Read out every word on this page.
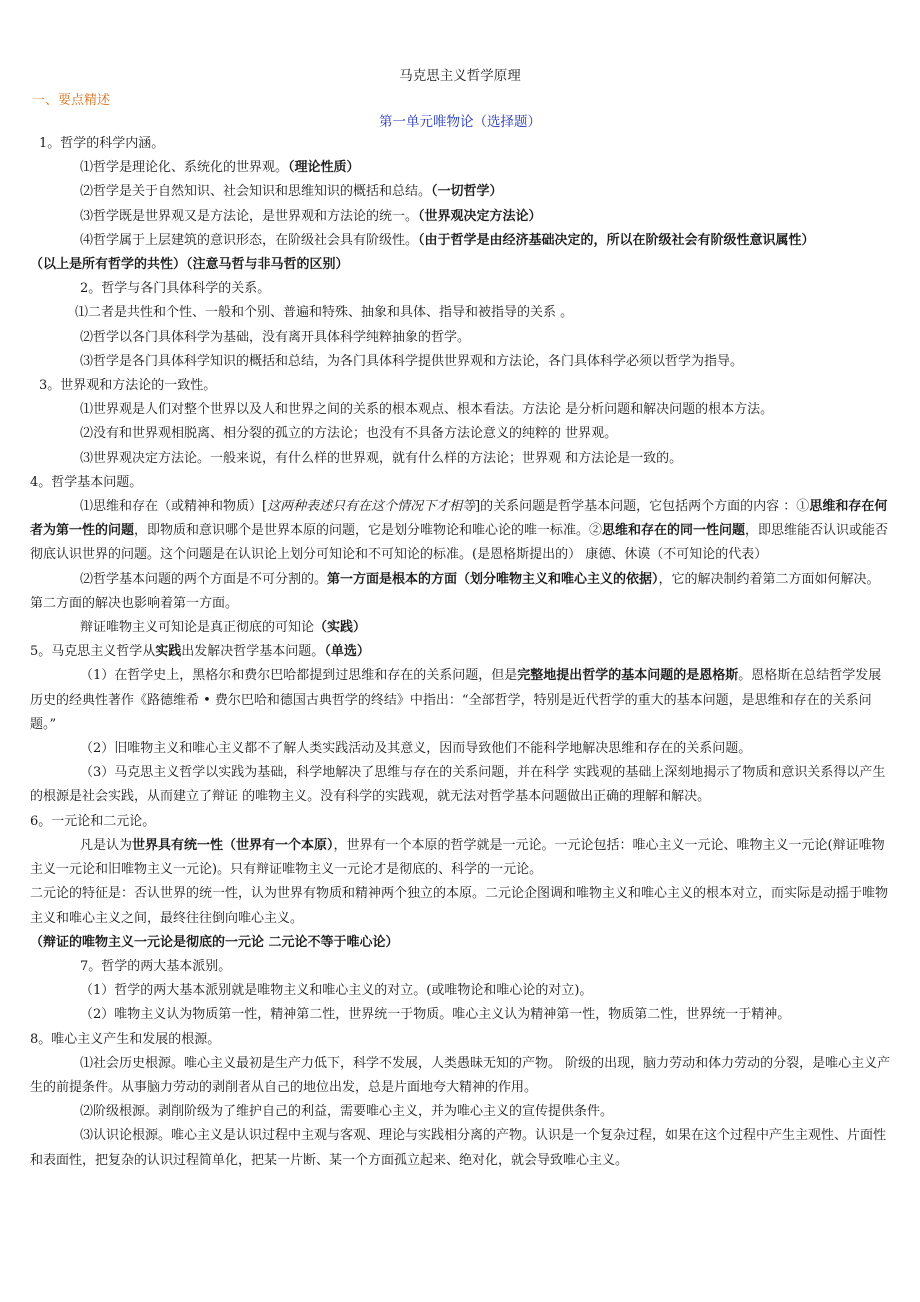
马克思主义哲学原理
一、要点精述
第一单元唯物论（选择题）

1。哲学的科学内涵。

⑴哲学是理论化、系统化的世界观。（理论性质）

⑵哲学是关于自然知识、社会知识和思维知识的概括和总结。（一切哲学）

⑶哲学既是世界观又是方法论，是世界观和方法论的统一。（世界观决定方法论）

⑷哲学属于上层建筑的意识形态，在阶级社会具有阶级性。（由于哲学是由经济基础决定的，所以在阶级社会有阶级性意识属性）

（以上是所有哲学的共性）（注意马哲与非马哲的区别）

2。哲学与各门具体科学的关系。

⑴二者是共性和个性、一般和个别、普遍和特殊、抽象和具体、指导和被指导的关系 。

⑵哲学以各门具体科学为基础，没有离开具体科学纯粹抽象的哲学。

⑶哲学是各门具体科学知识的概括和总结，为各门具体科学提供世界观和方法论，各门具体科学必须以哲学为指导。

3。世界观和方法论的一致性。

⑴世界观是人们对整个世界以及人和世界之间的关系的根本观点、根本看法。方法论 是分析问题和解决问题的根本方法。

⑵没有和世界观相脱离、相分裂的孤立的方法论；也没有不具备方法论意义的纯粹的 世界观。

⑶世界观决定方法论。一般来说，有什么样的世界观，就有什么样的方法论；世界观 和方法论是一致的。

4。哲学基本问题。

⑴思维和存在（或精神和物质）[这两种表述只有在这个情况下才相等]的关系问题是哲学基本问题，它包括两个方面的内容 ：①思维和存在何者为第一性的问题，即物质和意识哪个是世界本原的问题，它是划分唯物论和唯心论的唯一标准。②思维和存在的同一性问题，即思维能否认识或能否彻底认识世界的问题。这个问题是在认识论上划分可知论和不可知论的标准。(是恩格斯提出的） 康德、休谟（不可知论的代表）

⑵哲学基本问题的两个方面是不可分割的。第一方面是根本的方面（划分唯物主义和唯心主义的依据），它的解决制约着第二方面如何解决。第二方面的解决也影响着第一方面。

辩证唯物主义可知论是真正彻底的可知论（实践）

5。马克思主义哲学从实践出发解决哲学基本问题。（单选）

（1）在哲学史上，黑格尔和费尔巴哈都提到过思维和存在的关系问题，但是完整地提出哲学的基本问题的是恩格斯。恩格斯在总结哲学发展历史的经典性著作《路德维希 • 费尔巴哈和德国古典哲学的终结》中指出：“全部哲学，特别是近代哲学的重大的基本问题，是思维和存在的关系问题。”

（2）旧唯物主义和唯心主义都不了解人类实践活动及其意义，因而导致他们不能科学地解决思维和存在的关系问题。

（3）马克思主义哲学以实践为基础，科学地解决了思维与存在的关系问题，并在科学 实践观的基础上深刻地揭示了物质和意识关系得以产生的根源是社会实践，从而建立了辩证 的唯物主义。没有科学的实践观，就无法对哲学基本问题做出正确的理解和解决。

6。一元论和二元论。

凡是认为世界具有统一性（世界有一个本原），世界有一个本原的哲学就是一元论。一元论包括：唯心主义一元论、唯物主义一元论(辩证唯物主义一元论和旧唯物主义一元论)。只有辩证唯物主义一元论才是彻底的、科学的一元论。

二元论的特征是：否认世界的统一性，认为世界有物质和精神两个独立的本原。二元论企图调和唯物主义和唯心主义的根本对立，而实际是动摇于唯物主义和唯心主义之间，最终往往倒向唯心主义。

（辩证的唯物主义一元论是彻底的一元论 二元论不等于唯心论）

7。哲学的两大基本派别。

（1）哲学的两大基本派别就是唯物主义和唯心主义的对立。(或唯物论和唯心论的对立)。

（2）唯物主义认为物质第一性，精神第二性，世界统一于物质。唯心主义认为精神第一性，物质第二性，世界统一于精神。

8。唯心主义产生和发展的根源。

⑴社会历史根源。唯心主义最初是生产力低下，科学不发展，人类愚昧无知的产物。 阶级的出现，脑力劳动和体力劳动的分裂，是唯心主义产生的前提条件。从事脑力劳动的剥削者从自己的地位出发，总是片面地夸大精神的作用。

⑵阶级根源。剥削阶级为了维护自己的利益，需要唯心主义，并为唯心主义的宣传提供条件。

⑶认识论根源。唯心主义是认识过程中主观与客观、理论与实践相分离的产物。认识是一个复杂过程，如果在这个过程中产生主观性、片面性和表面性，把复杂的认识过程简单化，把某一片断、某一个方面孤立起来、绝对化，就会导致唯心主义。
